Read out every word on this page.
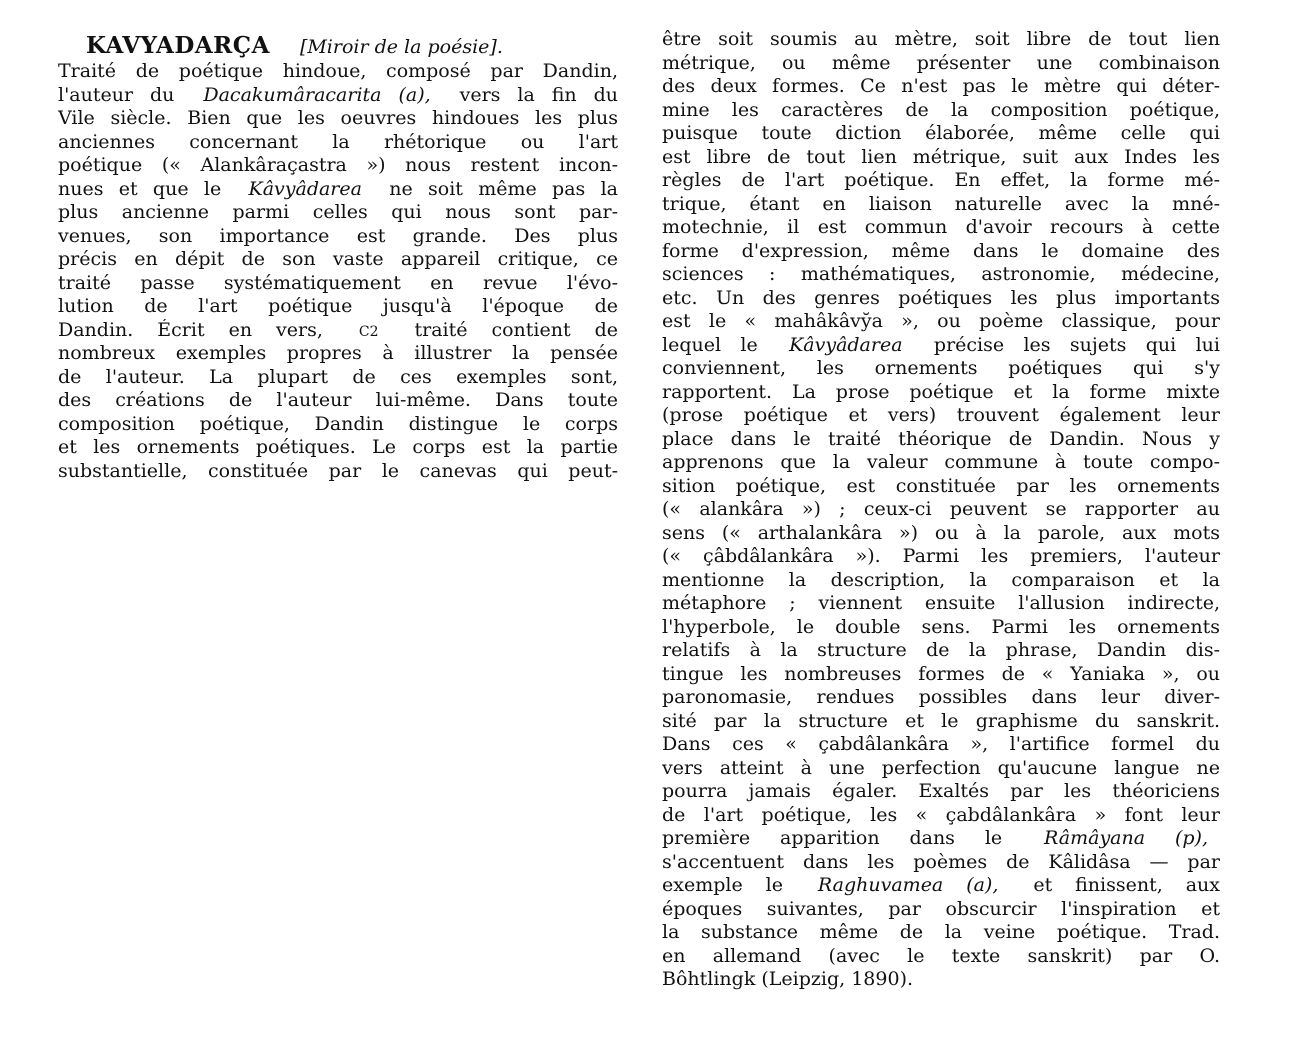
KAVYADARÇA [Miroir de la poésie].
Traité de poétique hindoue, composé par Dandin,
l'auteur du Dacakumâracarita (a), vers la fin du
Vile siècle. Bien que les oeuvres hindoues les plus
anciennes concernant la rhétorique ou l'art
poétique (« Alankâraçastra ») nous restent incon-
nues et que le Kâvyâdarea ne soit même pas la
plus ancienne parmi celles qui nous sont par-
venues, son importance est grande. Des plus
précis en dépit de son vaste appareil critique, ce
traité passe systématiquement en revue l'évo-
lution de l'art poétique jusqu'à l'époque de
Dandin. Écrit en vers,	C2 traité contient de
nombreux exemples propres à illustrer la pensée
de l'auteur. La plupart de ces exemples sont,
des créations de l'auteur lui-même. Dans toute
composition poétique, Dandin distingue le corps
et les ornements poétiques. Le corps est la partie
substantielle, constituée par le canevas qui peut-
être soit soumis au mètre, soit libre de tout lien
métrique, ou même présenter une combinaison
des deux formes. Ce n'est pas le mètre qui déter-
mine les caractères de la composition poétique,
puisque toute diction élaborée, même celle qui
est libre de tout lien métrique, suit aux Indes les
règles de l'art poétique. En effet, la forme mé-
trique, étant en liaison naturelle avec la mné-
motechnie, il est commun d'avoir recours à cette
forme d'expression, même dans le domaine des
sciences : mathématiques, astronomie, médecine,
etc. Un des genres poétiques les plus importants
est le « mahâkâvy̆a », ou poème classique, pour
lequel le Kâvyâdarea précise les sujets qui lui
conviennent, les ornements poétiques qui s'y
rapportent. La prose poétique et la forme mixte
(prose poétique et vers) trouvent également leur
place dans le traité théorique de Dandin. Nous y
apprenons que la valeur commune à toute compo-
sition poétique, est constituée par les ornements
(« alankâra ») ; ceux-ci peuvent se rapporter au
sens (« arthalankâra ») ou à la parole, aux mots
(« çâbdâlankâra »). Parmi les premiers, l'auteur
mentionne la description, la comparaison et la
métaphore ; viennent ensuite l'allusion indirecte,
l'hyperbole, le double sens. Parmi les ornements
relatifs à la structure de la phrase, Dandin dis-
tingue les nombreuses formes de « Yaniaka », ou
paronomasie, rendues possibles dans leur diver-
sité par la structure et le graphisme du sanskrit.
Dans ces « çabdâlankâra », l'artifice formel du
vers atteint à une perfection qu'aucune langue ne
pourra jamais égaler. Exaltés par les théoriciens
de l'art poétique, les « çabdâlankâra » font leur
première apparition dans le Râmâyana (p),
s'accentuent dans les poèmes de Kâlidâsa — par
exemple le Raghuvamea (a), et finissent, aux
époques suivantes, par obscurcir l'inspiration et
la substance même de la veine poétique. Trad.
en allemand (avec le texte sanskrit) par O.
Bôhtlingk (Leipzig, 1890).
